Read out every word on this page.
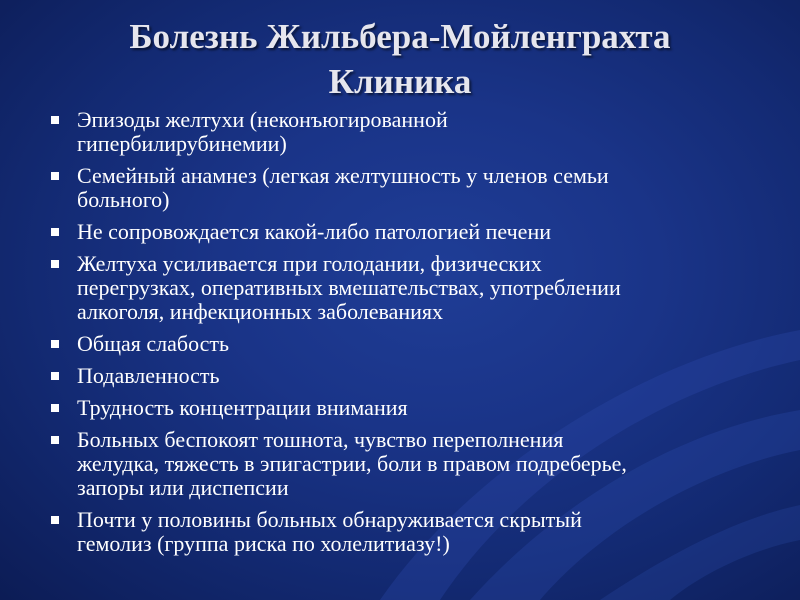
Болезнь Жильбера-Мойленграхта
Клиника
Эпизоды желтухи (неконъюгированной
гипербилирубинемии)
Семейный анамнез (легкая желтушность у членов семьи
больного)
Не сопровождается какой-либо патологией печени
Желтуха усиливается при голодании, физических
перегрузках, оперативных вмешательствах, употреблении
алкоголя, инфекционных заболеваниях
Общая слабость
Подавленность
Трудность концентрации внимания
Больных беспокоят тошнота, чувство переполнения
желудка, тяжесть в эпигастрии, боли в правом подреберье,
запоры или диспепсии
Почти у половины больных обнаруживается скрытый
гемолиз (группа риска по холелитиазу!)
